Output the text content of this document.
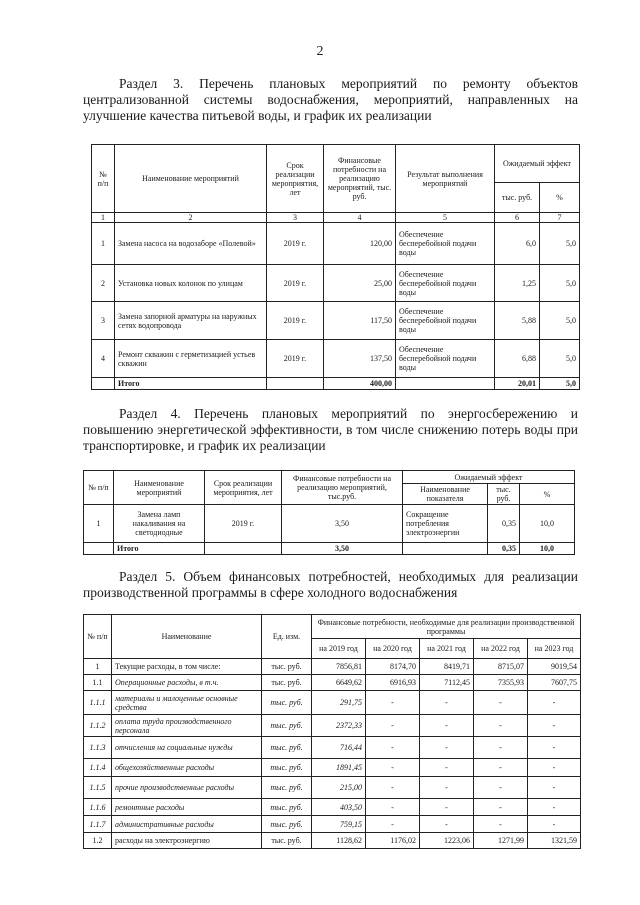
2
Раздел 3. Перечень плановых мероприятий по ремонту объектов централизованной системы водоснабжения, мероприятий, направленных на улучшение качества питьевой воды, и график их реализации
№ п/п	Наименование мероприятий	Срок реализации мероприятия, лет	Финансовые потребности на реализацию мероприятий, тыс. руб.	Результат выполнения мероприятий	Ожидаемый эффект	
					тыс. руб.	%
1	2	3	4	5	6	7
1	Замена насоса на водозаборе «Полевой»	2019 г.	120,00	Обеспечение бесперебойной подачи воды	6,0	5,0
2	Установка новых колонок по улицам	2019 г.	25,00	Обеспечение бесперебойной подачи воды	1,25	5,0
3	Замена запорной арматуры на наружных сетях водопровода	2019 г.	117,50	Обеспечение бесперебойной подачи воды	5,88	5,0
4	Ремонт скважин с герметизацией устьев скважин	2019 г.	137,50	Обеспечение бесперебойной подачи воды	6,88	5,0
	Итого		400,00		20,01	5,0
Раздел 4. Перечень плановых мероприятий по энергосбережению и повышению энергетической эффективности, в том числе снижению потерь воды при транспортировке, и график их реализации
№ п/п	Наименование мероприятий	Срок реализации мероприятия, лет	Финансовые потребности на реализацию мероприятий, тыс.руб.	Ожидаемый эффект		
				Наименование показателя	тыс. руб.	%
1	Замена ламп накаливания на светодиодные	2019 г.	3,50	Сокращение потребления электроэнергии	0,35	10,0
	Итого		3,50		0,35	10,0
Раздел 5. Объем финансовых потребностей, необходимых для реализации производственной программы в сфере холодного водоснабжения
№ п/п	Наименование	Ед. изм.	Финансовые потребности, необходимые для реализации производственной программы				
			на 2019 год	на 2020 год	на 2021 год	на 2022 год	на 2023 год
1	Текущие расходы, в том числе:	тыс. руб.	7856,81	8174,70	8419,71	8715,07	9019,54
1.1	Операционные расходы, в т.ч.	тыс. руб.	6649,62	6916,93	7112,45	7355,93	7607,75
1.1.1	материалы и малоценные основные средства	тыс. руб.	291,75	-	-	-	-
1.1.2	оплата труда производственного персонала	тыс. руб.	2372,33	-	-	-	-
1.1.3	отчисления на социальные нужды	тыс. руб.	716,44	-	-	-	-
1.1.4	общехозяйственные расходы	тыс. руб.	1891,45	-	-	-	-
1.1.5	прочие производственные расходы	тыс. руб.	215,00	-	-	-	-
1.1.6	ремонтные расходы	тыс. руб.	403,50	-	-	-	-
1.1.7	административные расходы	тыс. руб.	759,15	-	-	-	-
1.2	расходы на электроэнергию	тыс. руб.	1128,62	1176,02	1223,06	1271,99	1321,59
